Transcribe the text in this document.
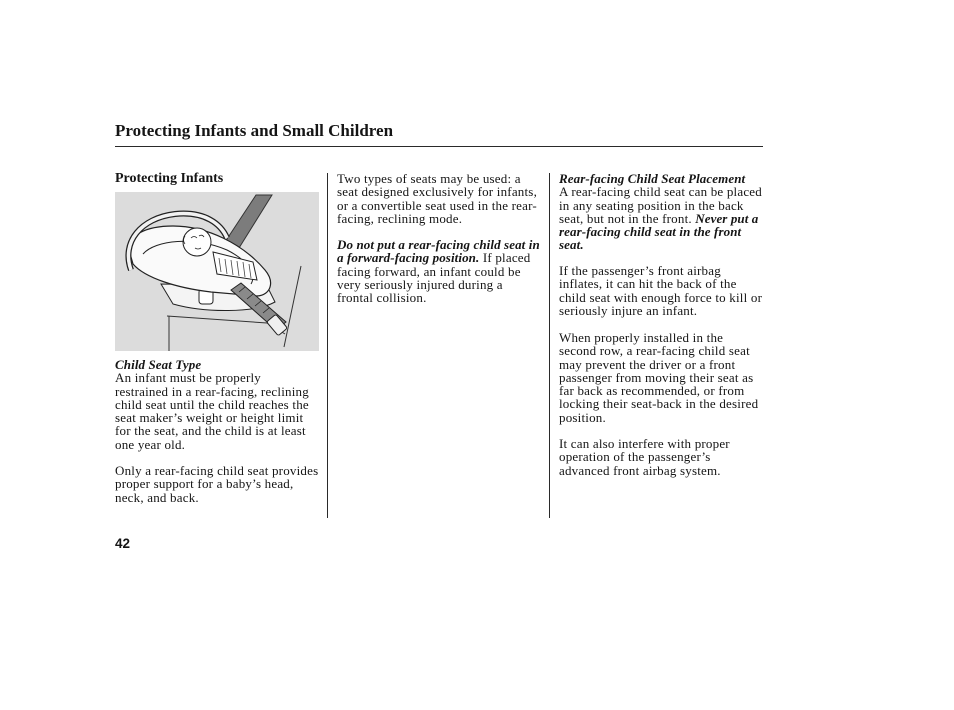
Protecting Infants and Small Children
Protecting Infants
Child Seat Type
An infant must be properly
restrained in a rear-facing, reclining
child seat until the child reaches the
seat maker’s weight or height limit
for the seat, and the child is at least
one year old.
Only a rear-facing child seat provides
proper support for a baby’s head,
neck, and back.
Two types of seats may be used: a
seat designed exclusively for infants,
or a convertible seat used in the rear-
facing, reclining mode.
Do not put a rear-facing child seat in
a forward-facing position. If placed
facing forward, an infant could be
very seriously injured during a
frontal collision.
Rear-facing Child Seat Placement
A rear-facing child seat can be placed
in any seating position in the back
seat, but not in the front. Never put a
rear-facing child seat in the front
seat.
If the passenger’s front airbag
inflates, it can hit the back of the
child seat with enough force to kill or
seriously injure an infant.
When properly installed in the
second row, a rear-facing child seat
may prevent the driver or a front
passenger from moving their seat as
far back as recommended, or from
locking their seat-back in the desired
position.
It can also interfere with proper
operation of the passenger’s
advanced front airbag system.
42
